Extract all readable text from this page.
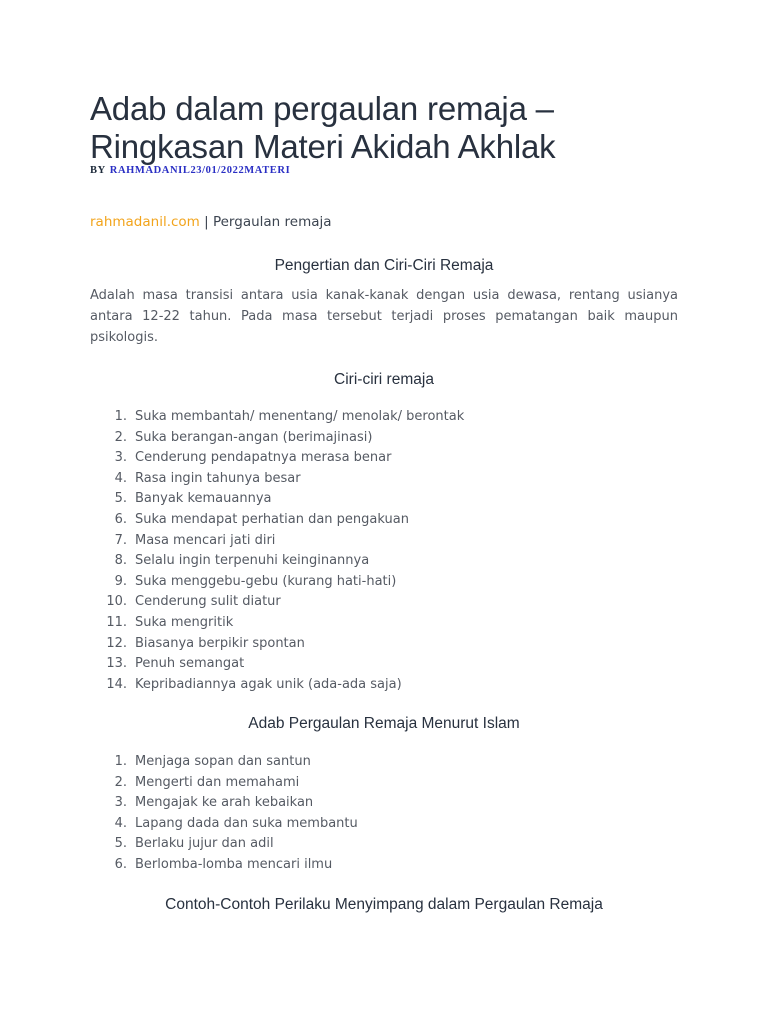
Adab dalam pergaulan remaja –
Ringkasan Materi Akidah Akhlak
BY RAHMADANIL23/01/2022MATERI
rahmadanil.com | Pergaulan remaja
Pengertian dan Ciri-Ciri Remaja

Adalah masa transisi antara usia kanak-kanak dengan usia dewasa, rentang usianya antara 12-22 tahun. Pada masa tersebut terjadi proses pematangan baik maupun psikologis.

Ciri-ciri remaja
1. Suka membantah/ menentang/ menolak/ berontak
2. Suka berangan-angan (berimajinasi)
3. Cenderung pendapatnya merasa benar
4. Rasa ingin tahunya besar
5. Banyak kemauannya
6. Suka mendapat perhatian dan pengakuan
7. Masa mencari jati diri
8. Selalu ingin terpenuhi keinginannya
9. Suka menggebu-gebu (kurang hati-hati)
10. Cenderung sulit diatur
11. Suka mengritik
12. Biasanya berpikir spontan
13. Penuh semangat
14. Kepribadiannya agak unik (ada-ada saja)
Adab Pergaulan Remaja Menurut Islam
1. Menjaga sopan dan santun
2. Mengerti dan memahami
3. Mengajak ke arah kebaikan
4. Lapang dada dan suka membantu
5. Berlaku jujur dan adil
6. Berlomba-lomba mencari ilmu
Contoh-Contoh Perilaku Menyimpang dalam Pergaulan Remaja
